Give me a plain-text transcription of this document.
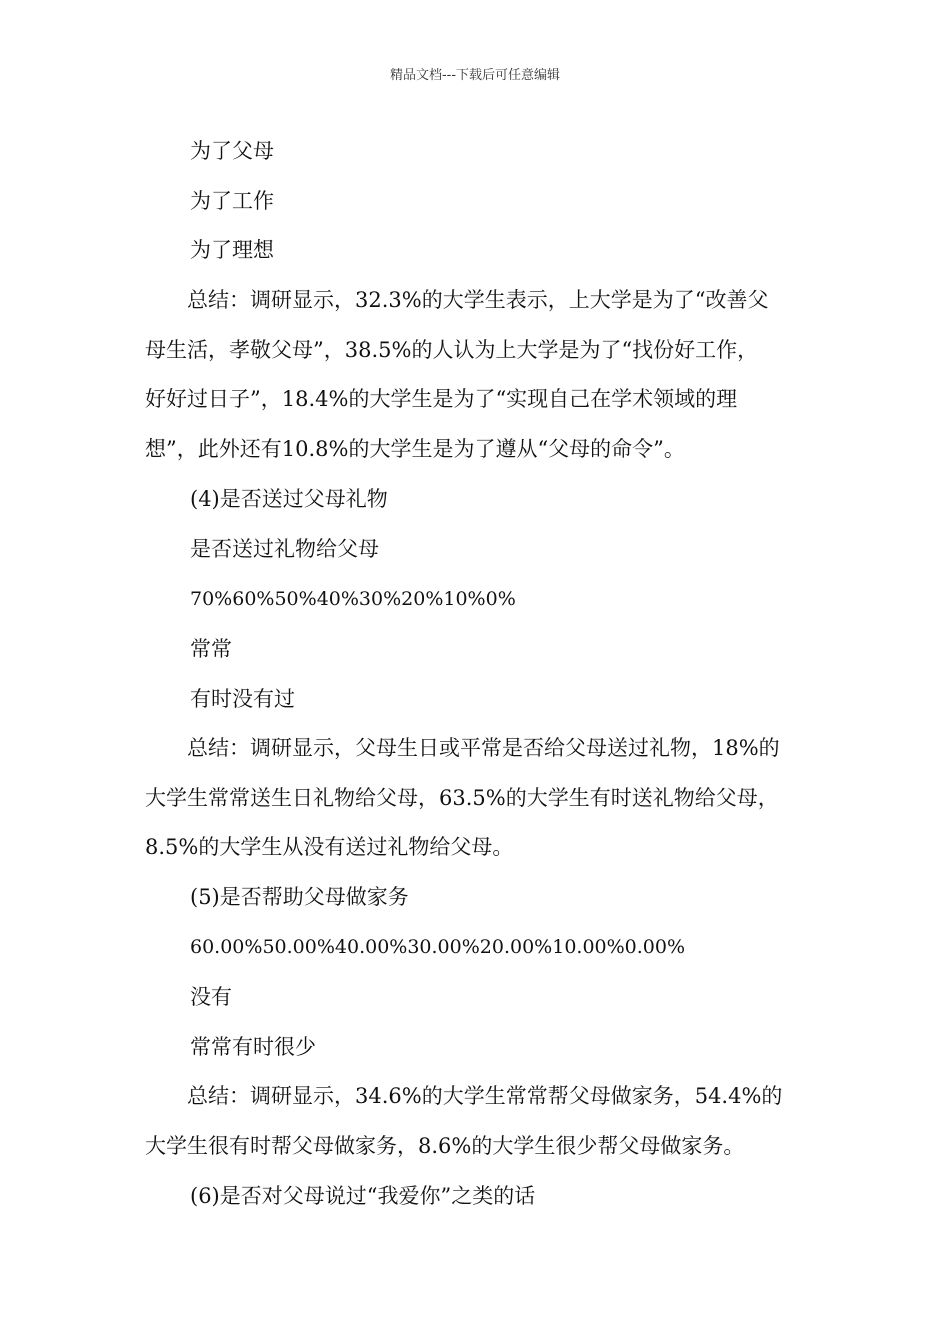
精品文档---下载后可任意编辑
为了父母
为了工作
为了理想

　　总结：调研显示，32.3%的大学生表示，上大学是为了“改善父

母生活，孝敬父母”，38.5%的人认为上大学是为了“找份好工作，

好好过日子”，18.4%的大学生是为了“实现自己在学术领域的理

想”，此外还有10.8%的大学生是为了遵从“父母的命令”。

(4)是否送过父母礼物
是否送过礼物给父母
70%60%50%40%30%20%10%0%
常常
有时没有过

　　总结：调研显示，父母生日或平常是否给父母送过礼物，18%的

大学生常常送生日礼物给父母，63.5%的大学生有时送礼物给父母，

8.5%的大学生从没有送过礼物给父母。

(5)是否帮助父母做家务
60.00%50.00%40.00%30.00%20.00%10.00%0.00%
没有
常常有时很少

　　总结：调研显示，34.6%的大学生常常帮父母做家务，54.4%的

大学生很有时帮父母做家务，8.6%的大学生很少帮父母做家务。

(6)是否对父母说过“我爱你”之类的话
